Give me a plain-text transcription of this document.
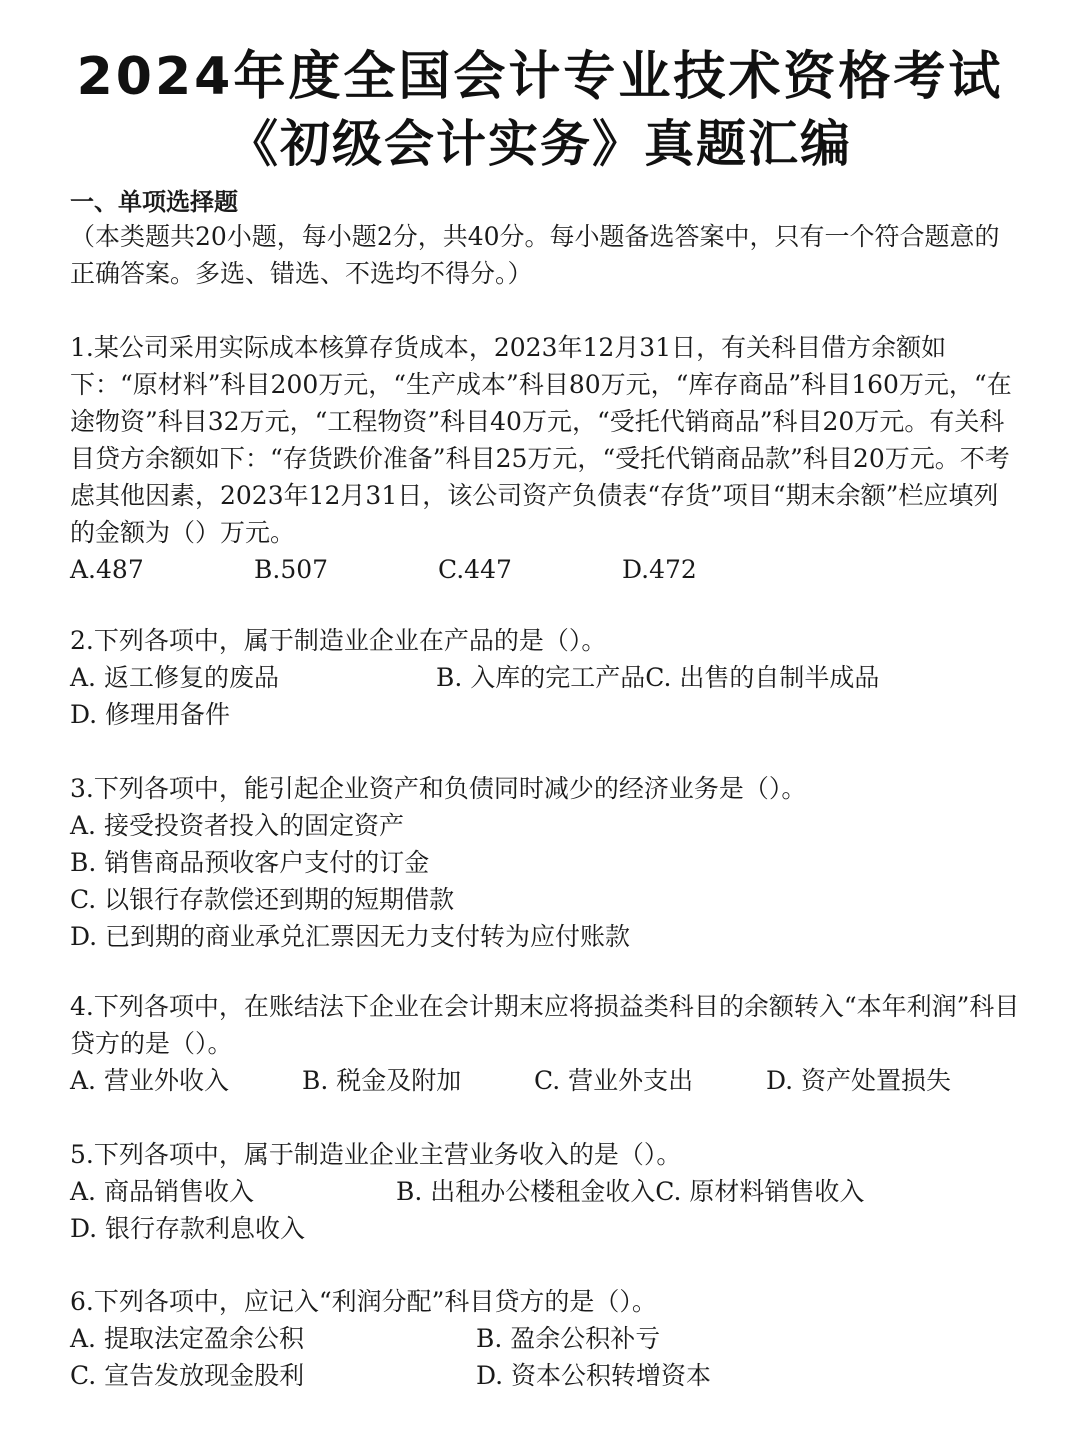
2024年度全国会计专业技术资格考试
《初级会计实务》真题汇编
一、单项选择题
（本类题共20小题，每小题2分，共40分。每小题备选答案中，只有一个符合题意的正确答案。多选、错选、不选均不得分。）
1.某公司采用实际成本核算存货成本，2023年12月31日，有关科目借方余额如下：“原材料”科目200万元，“生产成本”科目80万元，“库存商品”科目160万元，“在途物资”科目32万元，“工程物资”科目40万元，“受托代销商品”科目20万元。有关科目贷方余额如下：“存货跌价准备”科目25万元，“受托代销商品款”科目20万元。不考虑其他因素，2023年12月31日，该公司资产负债表“存货”项目“期末余额”栏应填列的金额为（）万元。
A.487	B.507	C.447	D.472
2.下列各项中，属于制造业企业在产品的是（）。
A. 返工修复的废品	B. 入库的完工产品 C. 出售的自制半成品
D. 修理用备件
3.下列各项中，能引起企业资产和负债同时减少的经济业务是（）。
A. 接受投资者投入的固定资产
B. 销售商品预收客户支付的订金
C. 以银行存款偿还到期的短期借款
D. 已到期的商业承兑汇票因无力支付转为应付账款
4.下列各项中，在账结法下企业在会计期末应将损益类科目的余额转入“本年利润”科目贷方的是（）。
A. 营业外收入	B. 税金及附加	C. 营业外支出	D. 资产处置损失
5.下列各项中，属于制造业企业主营业务收入的是（）。
A. 商品销售收入	B. 出租办公楼租金收入 C. 原材料销售收入
D. 银行存款利息收入
6.下列各项中，应记入“利润分配”科目贷方的是（）。
A. 提取法定盈余公积	B. 盈余公积补亏
C. 宣告发放现金股利	D. 资本公积转增资本
